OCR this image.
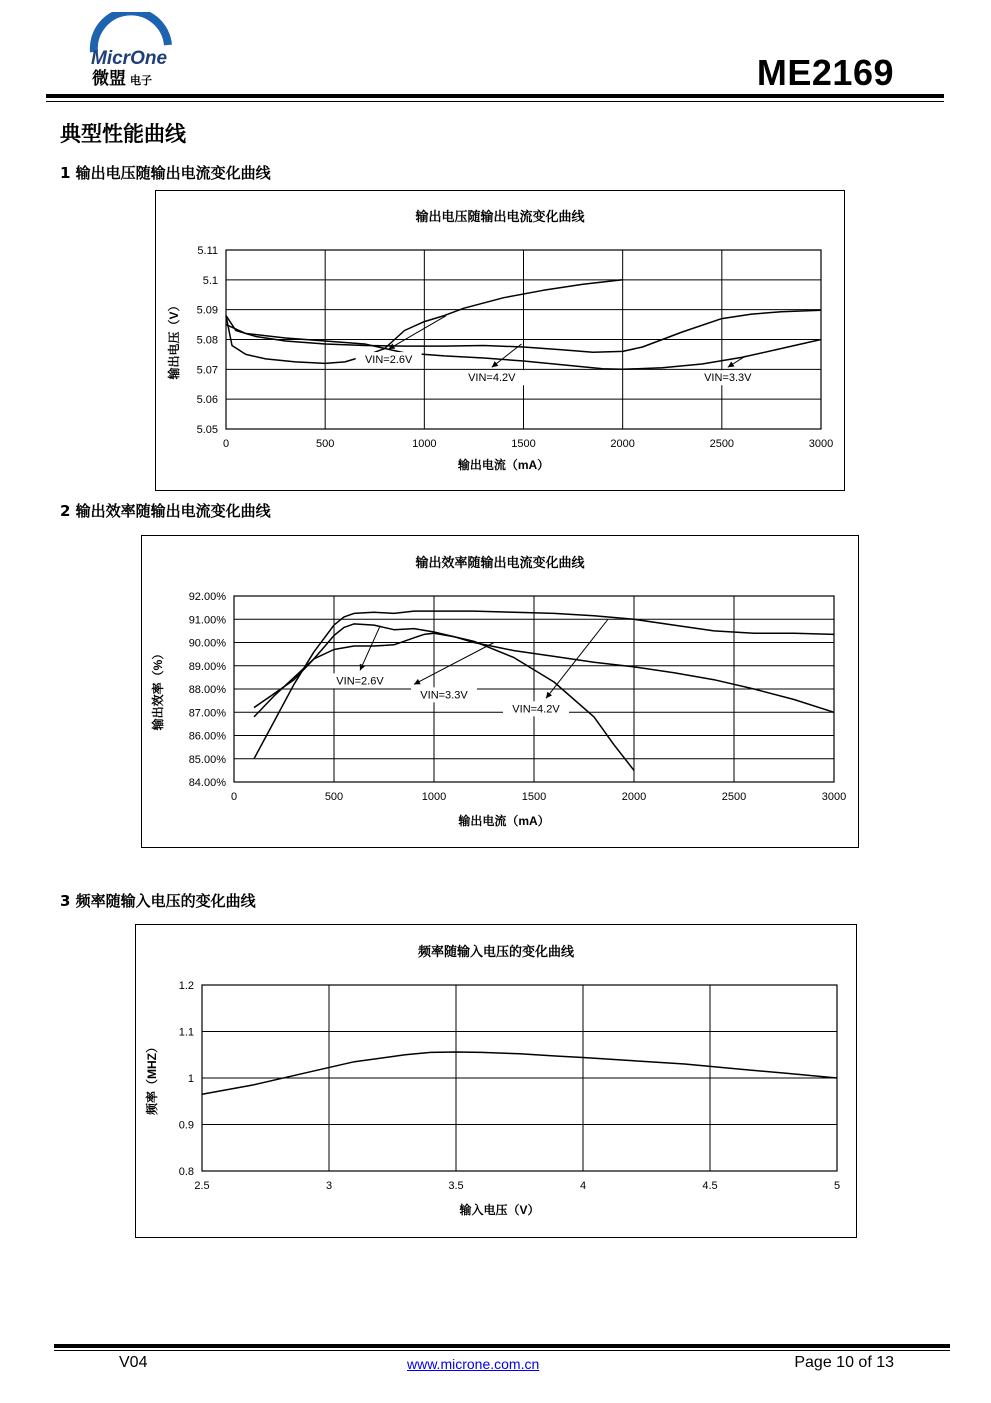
MicrOne
微盟 电子	ME2169
典型性能曲线
1 输出电压随输出电流变化曲线
输出电压随输出电流变化曲线
0	500	1000	1500	2000	2500	3000
5.11
5.1
5.09
5.08
5.07
5.06
5.05
输出电流（mA）
输出电压（V）	VIN=2.6V
VIN=4.2V	VIN=3.3V
2 输出效率随输出电流变化曲线
输出效率随输出电流变化曲线
0	500	1000	1500	2000	2500	3000
92.00%
91.00%
90.00%
89.00%
88.00%
87.00%
86.00%
85.00%
84.00%
输出电流（mA）
输出效率（%）	VIN=2.6V
VIN=3.3V
VIN=4.2V
3 频率随输入电压的变化曲线
频率随输入电压的变化曲线
2.5	3	3.5	4	4.5	5
1.2
1.1
1
0.9
0.8
输入电压（V）
频率（MHZ）
V04	www.microne.com.cn	Page 10 of 13
